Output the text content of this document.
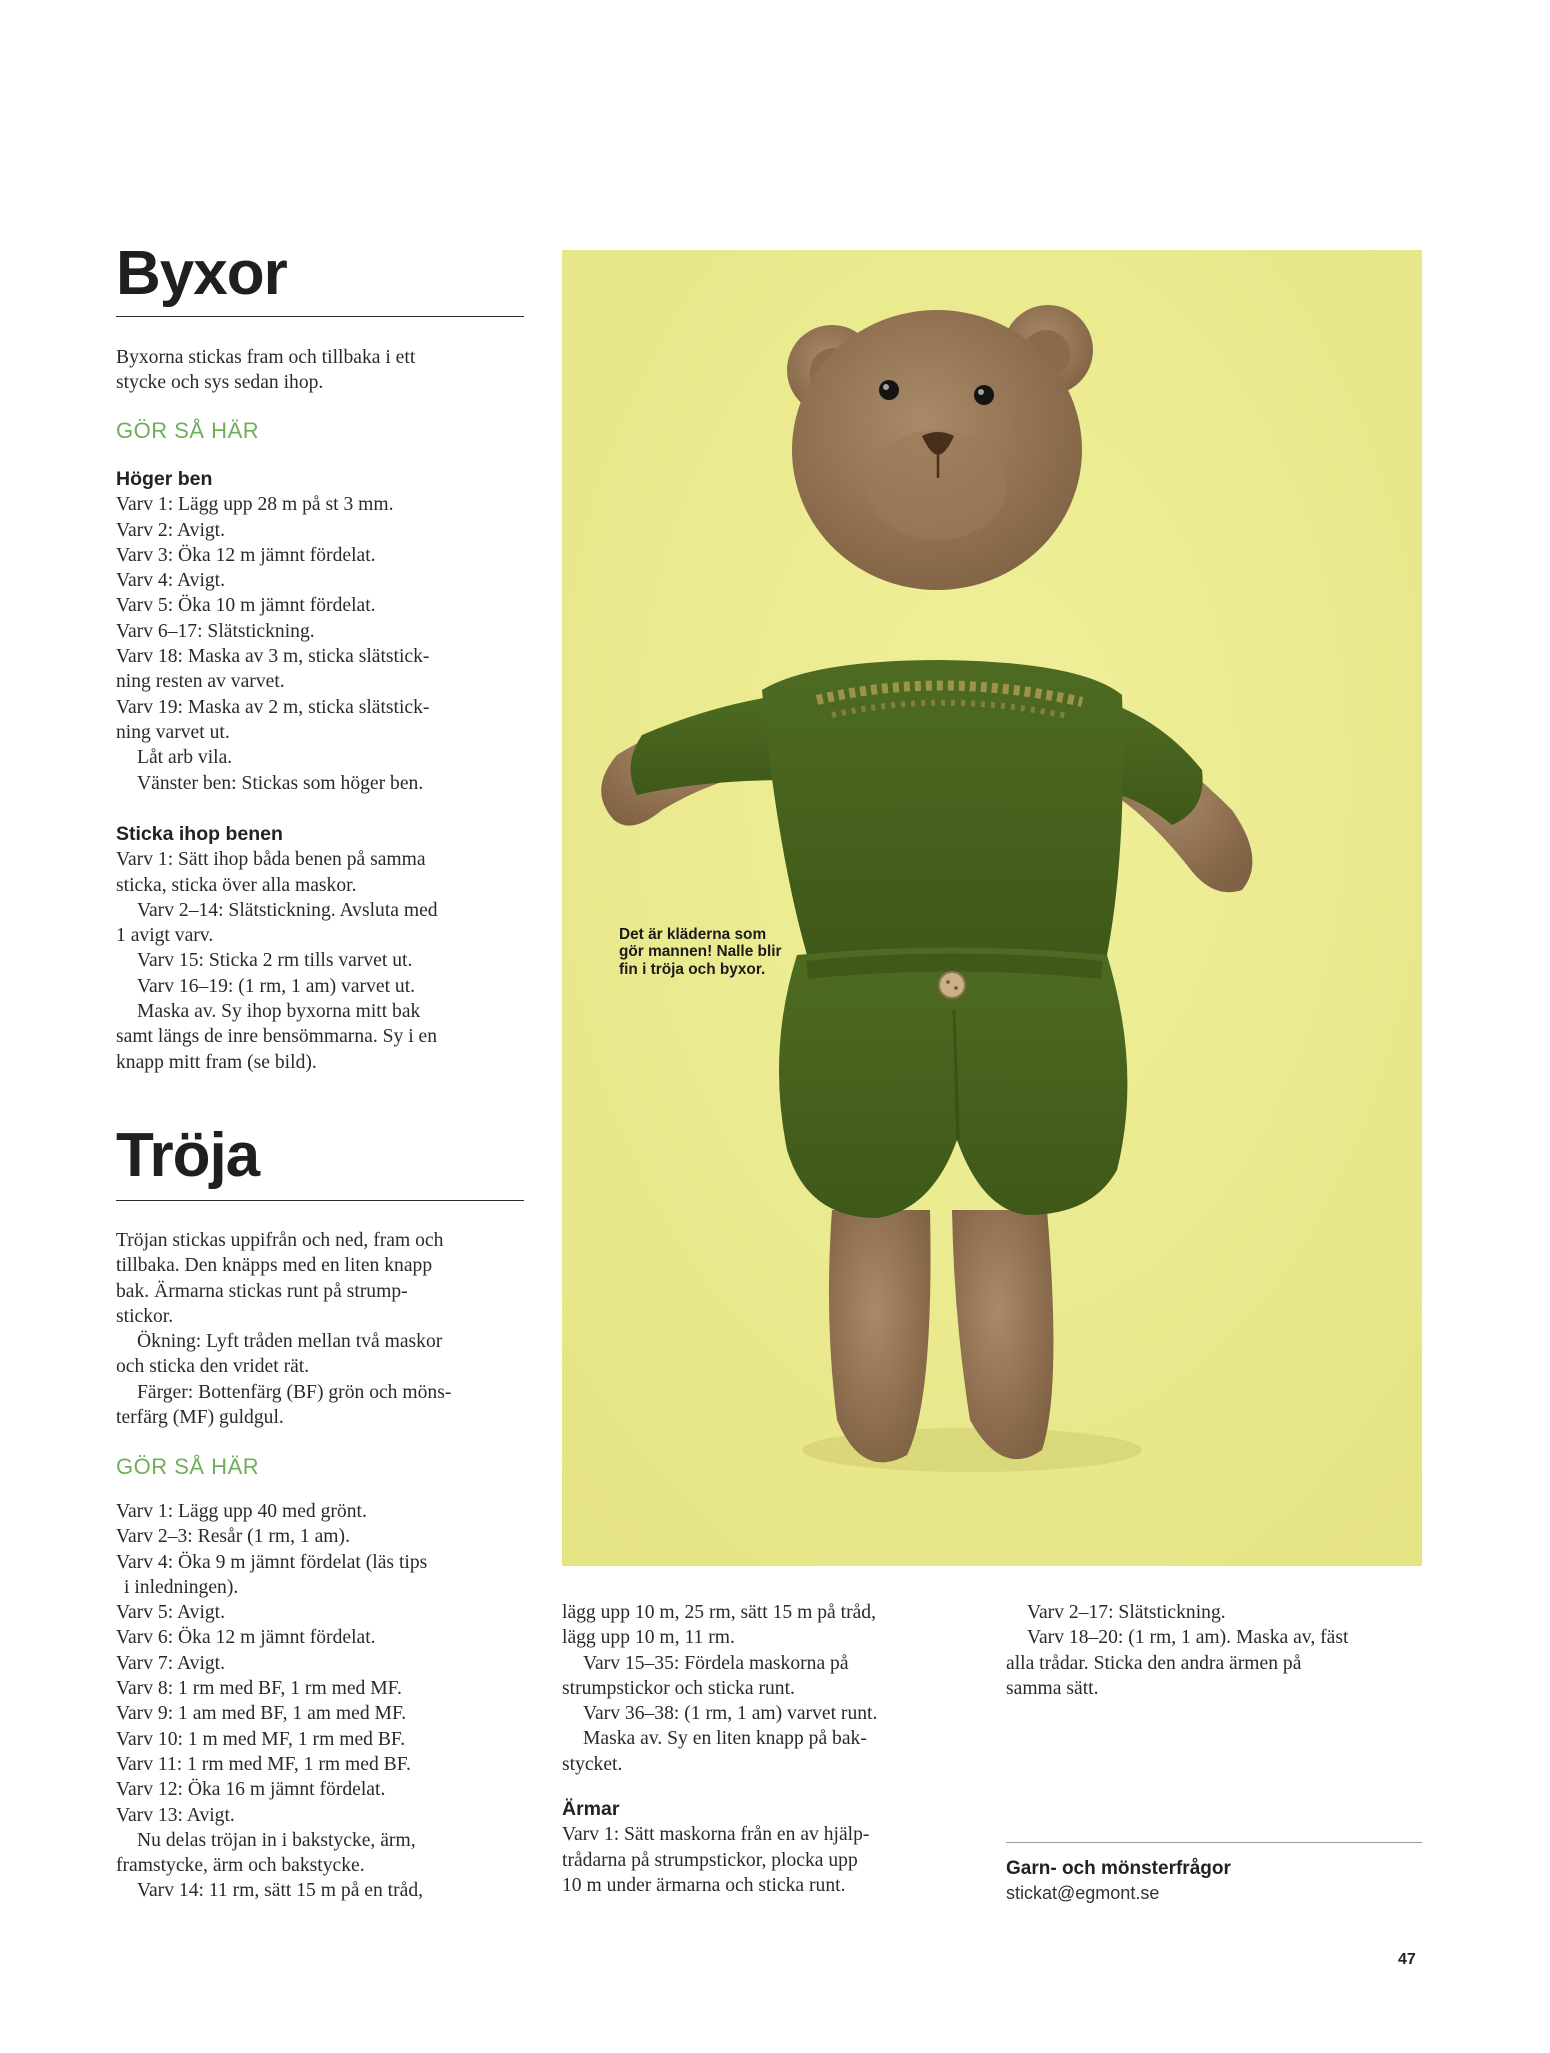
Byxor

Byxorna stickas fram och tillbaka i ett
stycke och sys sedan ihop.

GÖR SÅ HÄR

Höger ben

Varv 1: Lägg upp 28 m på st 3 mm.

Varv 2: Avigt.

Varv 3: Öka 12 m jämnt fördelat.

Varv 4: Avigt.

Varv 5: Öka 10 m jämnt fördelat.

Varv 6–17: Slätstickning.

Varv 18: Maska av 3 m, sticka slätstick-

ning resten av varvet.

Varv 19: Maska av 2 m, sticka slätstick-

ning varvet ut.

Låt arb vila.

Vänster ben: Stickas som höger ben.

Sticka ihop benen

Varv 1: Sätt ihop båda benen på samma

sticka, sticka över alla maskor.

Varv 2–14: Slätstickning. Avsluta med

1 avigt varv.

Varv 15: Sticka 2 rm tills varvet ut.

Varv 16–19: (1 rm, 1 am) varvet ut.

Maska av. Sy ihop byxorna mitt bak

samt längs de inre bensömmarna. Sy i en

knapp mitt fram (se bild).

Tröja

Tröjan stickas uppifrån och ned, fram och

tillbaka. Den knäpps med en liten knapp

bak. Ärmarna stickas runt på strump-

stickor.

Ökning: Lyft tråden mellan två maskor

och sticka den vridet rät.

Färger: Bottenfärg (BF) grön och möns-

terfärg (MF) guldgul.

GÖR SÅ HÄR

Varv 1: Lägg upp 40 med grönt.

Varv 2–3: Resår (1 rm, 1 am).

Varv 4: Öka 9 m jämnt fördelat (läs tips

i inledningen).

Varv 5: Avigt.

Varv 6: Öka 12 m jämnt fördelat.

Varv 7: Avigt.

Varv 8: 1 rm med BF, 1 rm med MF.

Varv 9: 1 am med BF, 1 am med MF.

Varv 10: 1 m med MF, 1 rm med BF.

Varv 11: 1 rm med MF, 1 rm med BF.

Varv 12: Öka 16 m jämnt fördelat.

Varv 13: Avigt.

Nu delas tröjan in i bakstycke, ärm,

framstycke, ärm och bakstycke.

Varv 14: 11 rm, sätt 15 m på en tråd,

lägg upp 10 m, 25 rm, sätt 15 m på tråd,

lägg upp 10 m, 11 rm.

Varv 15–35: Fördela maskorna på

strumpstickor och sticka runt.

Varv 36–38: (1 rm, 1 am) varvet runt.

Maska av. Sy en liten knapp på bak-

stycket.

Ärmar

Varv 1: Sätt maskorna från en av hjälp-

trådarna på strumpstickor, plocka upp

10 m under ärmarna och sticka runt.

Varv 2–17: Slätstickning.

Varv 18–20: (1 rm, 1 am). Maska av, fäst

alla trådar. Sticka den andra ärmen på

samma sätt.

Det är kläderna som
gör mannen! Nalle blir
fin i tröja och byxor.

Garn- och mönsterfrågor

stickat@egmont.se

47
